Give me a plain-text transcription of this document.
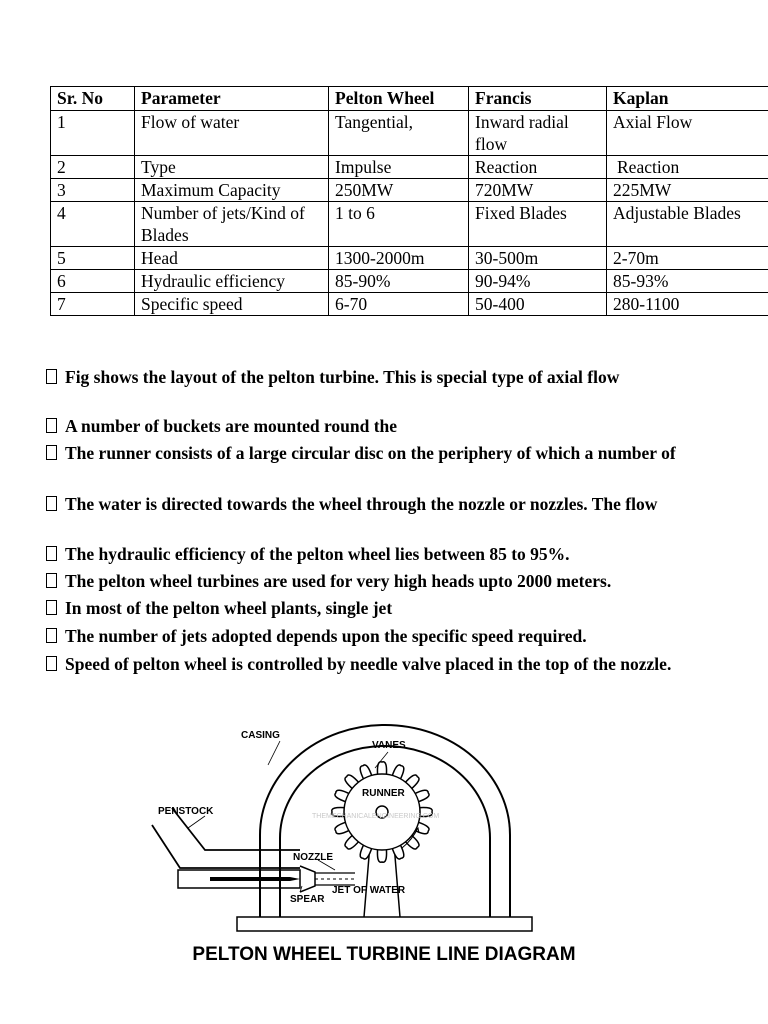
Sr. No	Parameter	Pelton Wheel	Francis	Kaplan
1	Flow of water	Tangential,	Inward radial flow	Axial Flow
2	Type	Impulse	Reaction	Reaction
3	Maximum Capacity	250MW	720MW	225MW
4	Number of jets/Kind of Blades	1 to 6	Fixed Blades	Adjustable Blades
5	Head	1300-2000m	30-500m	2-70m
6	Hydraulic efficiency	85-90%	90-94%	85-93%
7	Specific speed	6-70	50-400	280-1100
Fig shows the layout of the pelton turbine. This is special type of axial flow
A number of buckets are mounted round the
The runner consists of a large circular disc on the periphery of which a number of
The water is directed towards the wheel through the nozzle or nozzles. The flow
The hydraulic efficiency of the pelton wheel lies between 85 to 95%.
The pelton wheel turbines are used for very high heads upto 2000 meters.
In most of the pelton wheel plants, single jet
The number of jets adopted depends upon the specific speed required.
Speed of pelton wheel is controlled by needle valve placed in the top of the nozzle.
CASING
VANES
RUNNER
PENSTOCK
NOZZLE
JET OF WATER
SPEAR
THEMECHANICALENGINEERING.COM
PELTON WHEEL TURBINE LINE DIAGRAM
